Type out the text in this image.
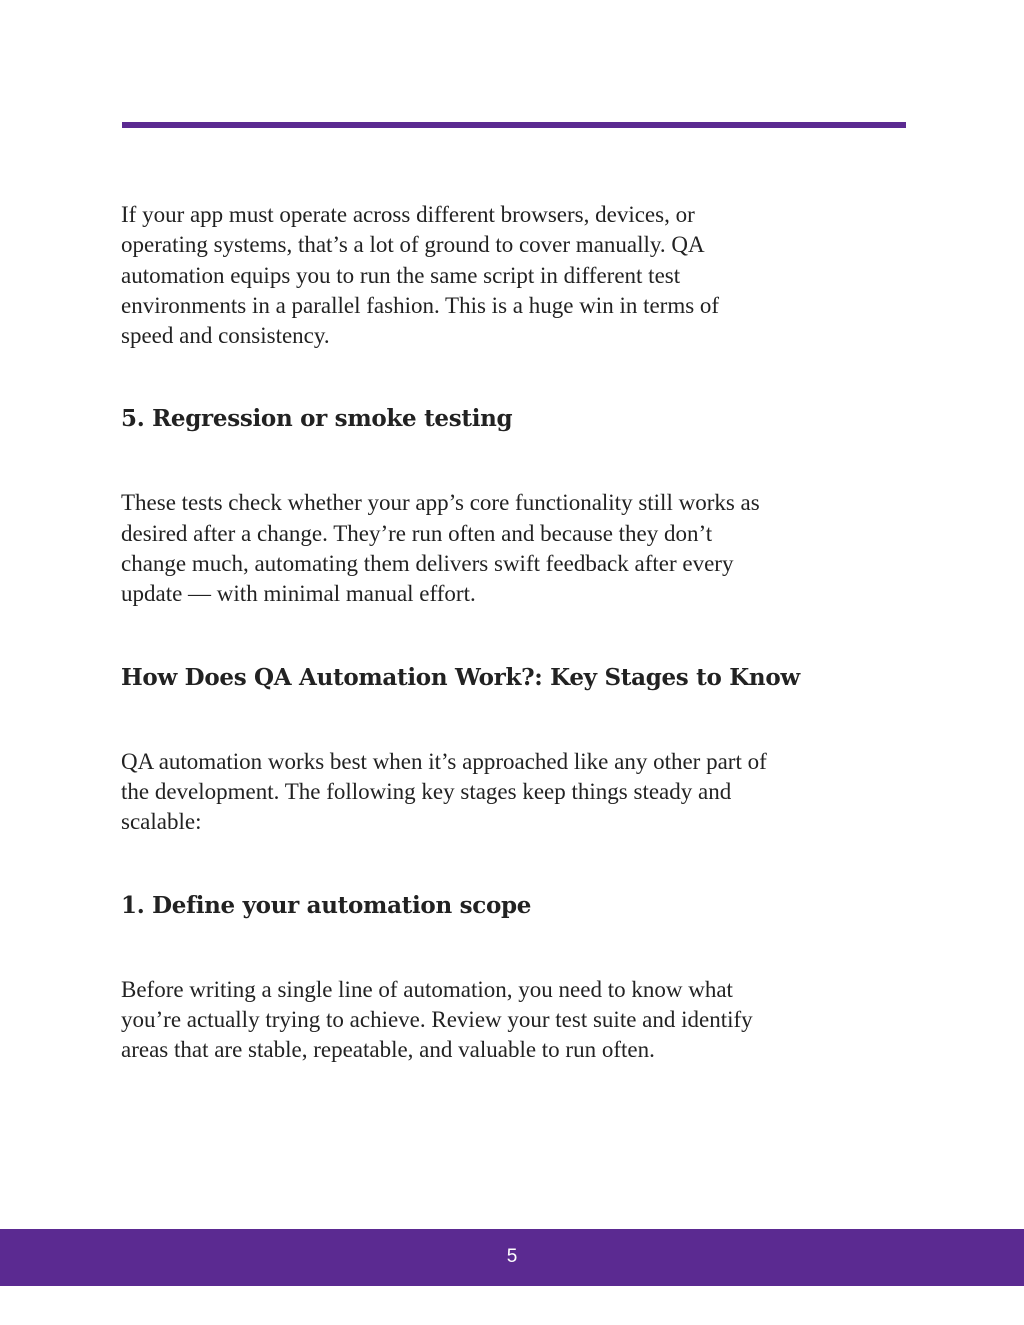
If your app must operate across different browsers, devices, or
operating systems, that’s a lot of ground to cover manually. QA
automation equips you to run the same script in different test
environments in a parallel fashion. This is a huge win in terms of
speed and consistency.

5. Regression or smoke testing

These tests check whether your app’s core functionality still works as
desired after a change. They’re run often and because they don’t
change much, automating them delivers swift feedback after every
update — with minimal manual effort.

How Does QA Automation Work?: Key Stages to Know

QA automation works best when it’s approached like any other part of
the development. The following key stages keep things steady and
scalable:

1. Define your automation scope

Before writing a single line of automation, you need to know what
you’re actually trying to achieve. Review your test suite and identify
areas that are stable, repeatable, and valuable to run often.

5
